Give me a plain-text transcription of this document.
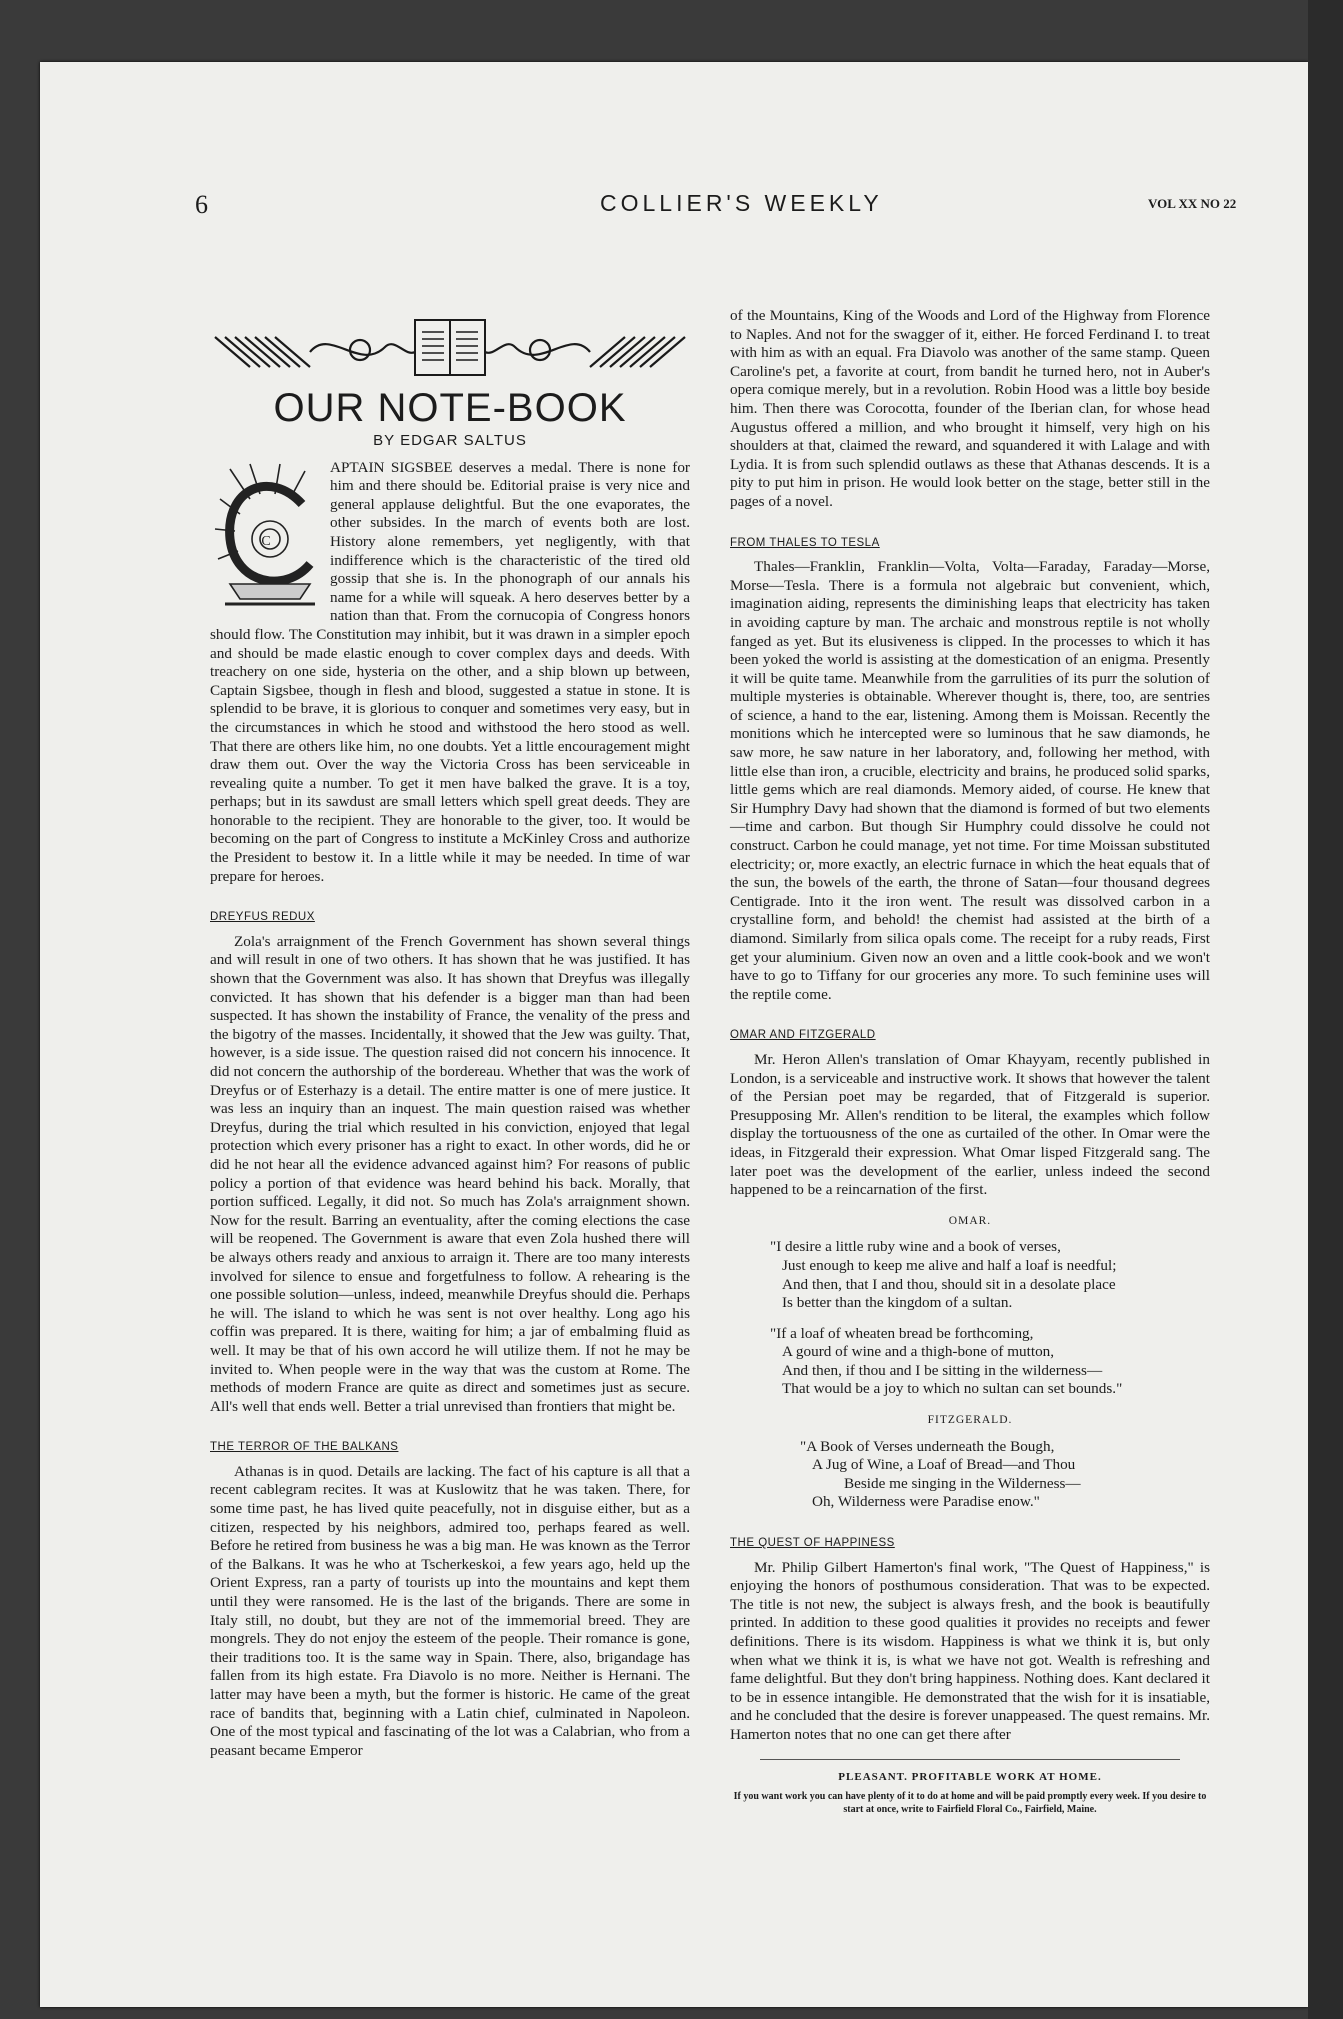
6	COLLIER'S WEEKLY	VOL XX NO 22
OUR NOTE-BOOK
BY EDGAR SALTUS

C
APTAIN SIGSBEE deserves a medal. There is none for him and there should be. Editorial praise is very nice and general applause delightful. But the one evaporates, the other subsides. In the march of events both are lost. History alone remembers, yet negligently, with that indifference which is the characteristic of the tired old gossip that she is. In the phonograph of our annals his name for a while will squeak. A hero deserves better by a nation than that. From the cornucopia of Congress honors should flow. The Constitution may inhibit, but it was drawn in a simpler epoch and should be made elastic enough to cover complex days and deeds. With treachery on one side, hysteria on the other, and a ship blown up between, Captain Sigsbee, though in flesh and blood, suggested a statue in stone. It is splendid to be brave, it is glorious to conquer and sometimes very easy, but in the circumstances in which he stood and withstood the hero stood as well. That there are others like him, no one doubts. Yet a little encouragement might draw them out. Over the way the Victoria Cross has been serviceable in revealing quite a number. To get it men have balked the grave. It is a toy, perhaps; but in its sawdust are small letters which spell great deeds. They are honorable to the recipient. They are honorable to the giver, too. It would be becoming on the part of Congress to institute a McKinley Cross and authorize the President to bestow it. In a little while it may be needed. In time of war prepare for heroes.

DREYFUS REDUX

Zola's arraignment of the French Government has shown several things and will result in one of two others. It has shown that he was justified. It has shown that the Government was also. It has shown that Dreyfus was illegally convicted. It has shown that his defender is a bigger man than had been suspected. It has shown the instability of France, the venality of the press and the bigotry of the masses. Incidentally, it showed that the Jew was guilty. That, however, is a side issue. The question raised did not concern his innocence. It did not concern the authorship of the bordereau. Whether that was the work of Dreyfus or of Esterhazy is a detail. The entire matter is one of mere justice. It was less an inquiry than an inquest. The main question raised was whether Dreyfus, during the trial which resulted in his conviction, enjoyed that legal protection which every prisoner has a right to exact. In other words, did he or did he not hear all the evidence advanced against him? For reasons of public policy a portion of that evidence was heard behind his back. Morally, that portion sufficed. Legally, it did not. So much has Zola's arraignment shown. Now for the result. Barring an eventuality, after the coming elections the case will be reopened. The Government is aware that even Zola hushed there will be always others ready and anxious to arraign it. There are too many interests involved for silence to ensue and forgetfulness to follow. A rehearing is the one possible solution—unless, indeed, meanwhile Dreyfus should die. Perhaps he will. The island to which he was sent is not over healthy. Long ago his coffin was prepared. It is there, waiting for him; a jar of embalming fluid as well. It may be that of his own accord he will utilize them. If not he may be invited to. When people were in the way that was the custom at Rome. The methods of modern France are quite as direct and sometimes just as secure. All's well that ends well. Better a trial unrevised than frontiers that might be.

THE TERROR OF THE BALKANS

Athanas is in quod. Details are lacking. The fact of his capture is all that a recent cablegram recites. It was at Kuslowitz that he was taken. There, for some time past, he has lived quite peacefully, not in disguise either, but as a citizen, respected by his neighbors, admired too, perhaps feared as well. Before he retired from business he was a big man. He was known as the Terror of the Balkans. It was he who at Tscherkeskoi, a few years ago, held up the Orient Express, ran a party of tourists up into the mountains and kept them until they were ransomed. He is the last of the brigands. There are some in Italy still, no doubt, but they are not of the immemorial breed. They are mongrels. They do not enjoy the esteem of the people. Their romance is gone, their traditions too. It is the same way in Spain. There, also, brigandage has fallen from its high estate. Fra Diavolo is no more. Neither is Hernani. The latter may have been a myth, but the former is historic. He came of the great race of bandits that, beginning with a Latin chief, culminated in Napoleon. One of the most typical and fascinating of the lot was a Calabrian, who from a peasant became Emperor

of the Mountains, King of the Woods and Lord of the Highway from Florence to Naples. And not for the swagger of it, either. He forced Ferdinand I. to treat with him as with an equal. Fra Diavolo was another of the same stamp. Queen Caroline's pet, a favorite at court, from bandit he turned hero, not in Auber's opera comique merely, but in a revolution. Robin Hood was a little boy beside him. Then there was Corocotta, founder of the Iberian clan, for whose head Augustus offered a million, and who brought it himself, very high on his shoulders at that, claimed the reward, and squandered it with Lalage and with Lydia. It is from such splendid outlaws as these that Athanas descends. It is a pity to put him in prison. He would look better on the stage, better still in the pages of a novel.

FROM THALES TO TESLA

Thales—Franklin, Franklin—Volta, Volta—Faraday, Faraday—Morse, Morse—Tesla. There is a formula not algebraic but convenient, which, imagination aiding, represents the diminishing leaps that electricity has taken in avoiding capture by man. The archaic and monstrous reptile is not wholly fanged as yet. But its elusiveness is clipped. In the processes to which it has been yoked the world is assisting at the domestication of an enigma. Presently it will be quite tame. Meanwhile from the garrulities of its purr the solution of multiple mysteries is obtainable. Wherever thought is, there, too, are sentries of science, a hand to the ear, listening. Among them is Moissan. Recently the monitions which he intercepted were so luminous that he saw diamonds, he saw more, he saw nature in her laboratory, and, following her method, with little else than iron, a crucible, electricity and brains, he produced solid sparks, little gems which are real diamonds. Memory aided, of course. He knew that Sir Humphry Davy had shown that the diamond is formed of but two elements—time and carbon. But though Sir Humphry could dissolve he could not construct. Carbon he could manage, yet not time. For time Moissan substituted electricity; or, more exactly, an electric furnace in which the heat equals that of the sun, the bowels of the earth, the throne of Satan—four thousand degrees Centigrade. Into it the iron went. The result was dissolved carbon in a crystalline form, and behold! the chemist had assisted at the birth of a diamond. Similarly from silica opals come. The receipt for a ruby reads, First get your aluminium. Given now an oven and a little cook-book and we won't have to go to Tiffany for our groceries any more. To such feminine uses will the reptile come.

OMAR AND FITZGERALD

Mr. Heron Allen's translation of Omar Khayyam, recently published in London, is a serviceable and instructive work. It shows that however the talent of the Persian poet may be regarded, that of Fitzgerald is superior. Presupposing Mr. Allen's rendition to be literal, the examples which follow display the tortuousness of the one as curtailed of the other. In Omar were the ideas, in Fitzgerald their expression. What Omar lisped Fitzgerald sang. The later poet was the development of the earlier, unless indeed the second happened to be a reincarnation of the first.

OMAR.
"I desire a little ruby wine and a book of verses,
Just enough to keep me alive and half a loaf is needful;
And then, that I and thou, should sit in a desolate place
Is better than the kingdom of a sultan.
"If a loaf of wheaten bread be forthcoming,
A gourd of wine and a thigh-bone of mutton,
And then, if thou and I be sitting in the wilderness—
That would be a joy to which no sultan can set bounds."
FITZGERALD.
"A Book of Verses underneath the Bough,
A Jug of Wine, a Loaf of Bread—and Thou
Beside me singing in the Wilderness—
Oh, Wilderness were Paradise enow."
THE QUEST OF HAPPINESS

Mr. Philip Gilbert Hamerton's final work, "The Quest of Happiness," is enjoying the honors of posthumous consideration. That was to be expected. The title is not new, the subject is always fresh, and the book is beautifully printed. In addition to these good qualities it provides no receipts and fewer definitions. There is its wisdom. Happiness is what we think it is, but only when what we think it is, is what we have not got. Wealth is refreshing and fame delightful. But they don't bring happiness. Nothing does. Kant declared it to be in essence intangible. He demonstrated that the wish for it is insatiable, and he concluded that the desire is forever unappeased. The quest remains. Mr. Hamerton notes that no one can get there after

PLEASANT. PROFITABLE WORK AT HOME.
If you want work you can have plenty of it to do at home and will be paid promptly every week. If you desire to start at once, write to Fairfield Floral Co., Fairfield, Maine.
